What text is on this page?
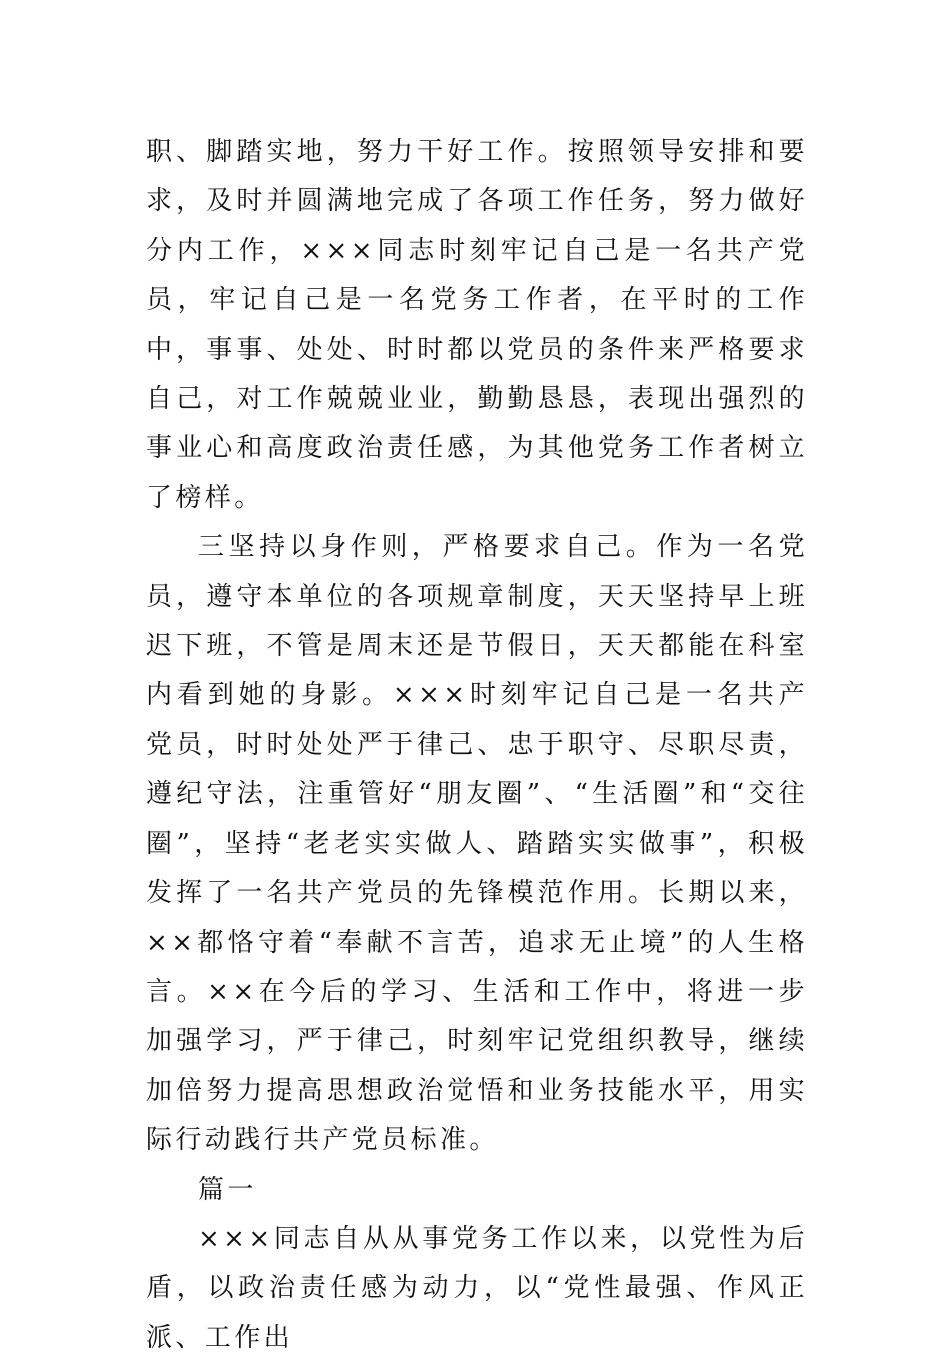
职、脚踏实地，努力干好工作。按照领导安排和要求，及时并圆满地完成了各项工作任务，努力做好分内工作，×××同志时刻牢记自己是一名共产党员，牢记自己是一名党务工作者，在平时的工作中，事事、处处、时时都以党员的条件来严格要求自己，对工作兢兢业业，勤勤恳恳，表现出强烈的事业心和高度政治责任感，为其他党务工作者树立了榜样。

三坚持以身作则，严格要求自己。作为一名党员，遵守本单位的各项规章制度，天天坚持早上班迟下班，不管是周末还是节假日，天天都能在科室内看到她的身影。×××时刻牢记自己是一名共产党员，时时处处严于律己、忠于职守、尽职尽责，遵纪守法，注重管好“朋友圈”、“生活圈”和“交往圈”，坚持“老老实实做人、踏踏实实做事”，积极发挥了一名共产党员的先锋模范作用。长期以来，××都恪守着“奉献不言苦，追求无止境”的人生格言。××在今后的学习、生活和工作中，将进一步加强学习，严于律己，时刻牢记党组织教导，继续加倍努力提高思想政治觉悟和业务技能水平，用实际行动践行共产党员标准。

篇一

×××同志自从从事党务工作以来，以党性为后盾，以政治责任感为动力，以“党性最强、作风正派、工作出
